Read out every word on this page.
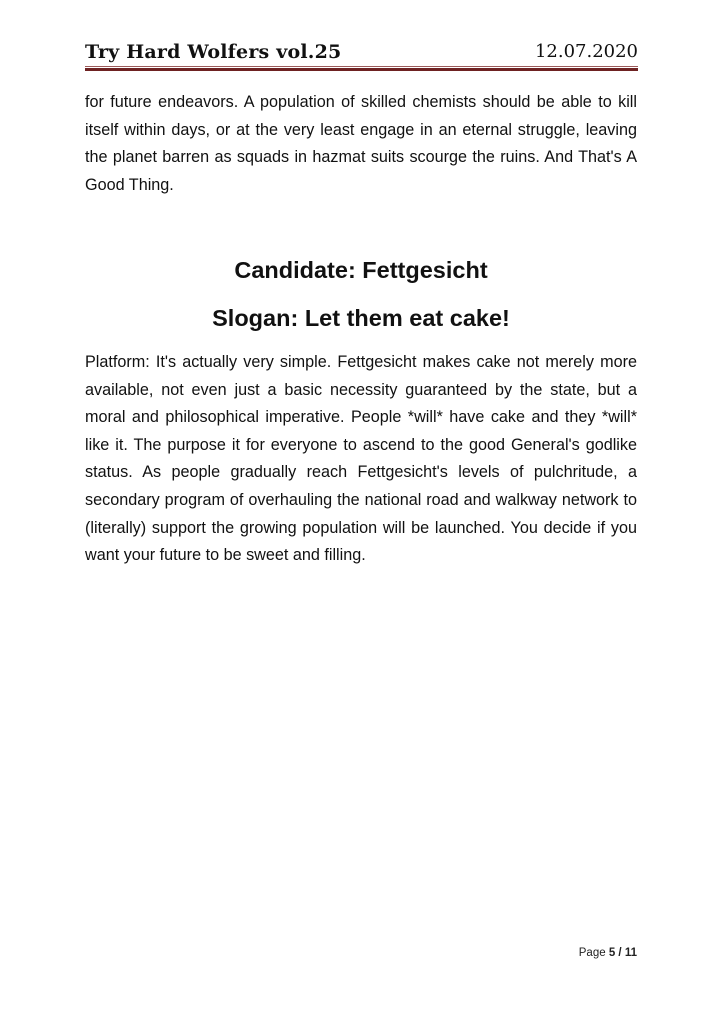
Try Hard Wolfers vol.25	12.07.2020

for future endeavors. A population of skilled chemists should be able to kill itself within days, or at the very least engage in an eternal struggle, leaving the planet barren as squads in hazmat suits scourge the ruins. And That's A Good Thing.

Candidate: Fettgesicht
Slogan: Let them eat cake!

Platform: It's actually very simple. Fettgesicht makes cake not merely more available, not even just a basic necessity guaranteed by the state, but a moral and philosophical imperative. People *will* have cake and they *will* like it. The purpose it for everyone to ascend to the good General's godlike status. As people gradually reach Fettgesicht's levels of pulchritude, a secondary program of overhauling the national road and walkway network to (literally) support the growing population will be launched. You decide if you want your future to be sweet and filling.

Page 5 / 11
